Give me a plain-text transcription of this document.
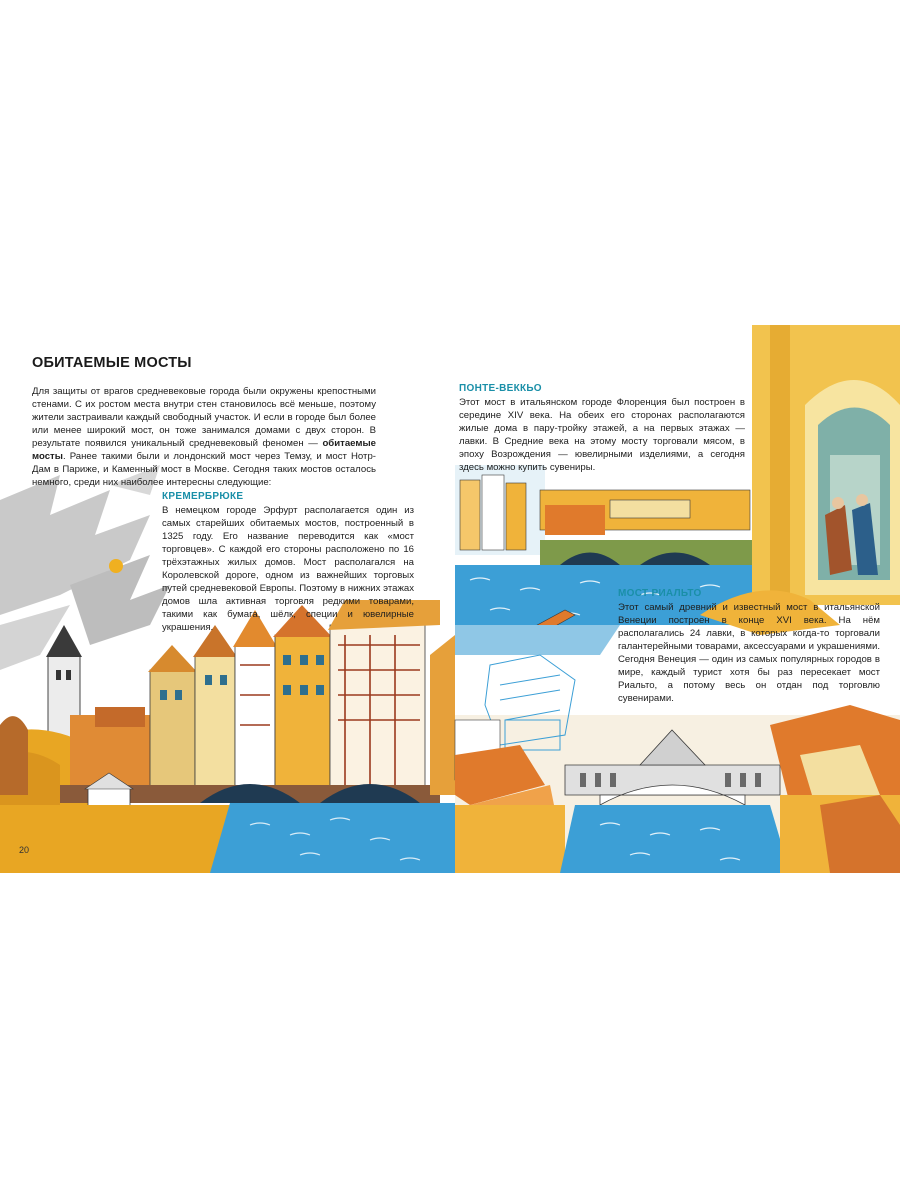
ОБИТАЕМЫЕ МОСТЫ
Для защиты от врагов средневековые города были окружены крепостными стенами. С их ростом места внутри стен становилось всё меньше, поэтому жители застраивали каждый свободный участок. И если в городе был более или менее широкий мост, он тоже занимался домами с двух сторон. В результате появился уникальный средневековый феномен — обитаемые мосты. Ранее такими были и лондонский мост через Темзу, и мост Нотр-Дам в Париже, и Каменный мост в Москве. Сегодня таких мостов осталось немного, среди них наиболее интересны следующие:
КРЕМЕРБРЮКЕ
В немецком городе Эрфурт располагается один из самых старейших обитаемых мостов, построенный в 1325 году. Его название переводится как «мост торговцев». С каждой его стороны расположено по 16 трёхэтажных жилых домов. Мост располагался на Королевской дороге, одном из важнейших торговых путей средневековой Европы. Поэтому в нижних этажах домов шла активная торговля редкими товарами, такими как бумага, шёлк, специи и ювелирные украшения.
ПОНТЕ-ВЕККЬО
Этот мост в итальянском городе Флоренция был построен в середине XIV века. На обеих его сторонах располагаются жилые дома в пару-тройку этажей, а на первых этажах — лавки. В Средние века на этому мосту торговали мясом, в эпоху Возрождения — ювелирными изделиями, а сегодня здесь можно купить сувениры.
МОСТ РИАЛЬТО
Этот самый древний и известный мост в итальянской Венеции построен в конце XVI века. На нём располагались 24 лавки, в которых когда-то торговали галантерейными товарами, аксессуарами и украшениями. Сегодня Венеция — один из самых популярных городов в мире, каждый турист хотя бы раз пересекает мост Риальто, а потому весь он отдан под торговлю сувенирами.
20
